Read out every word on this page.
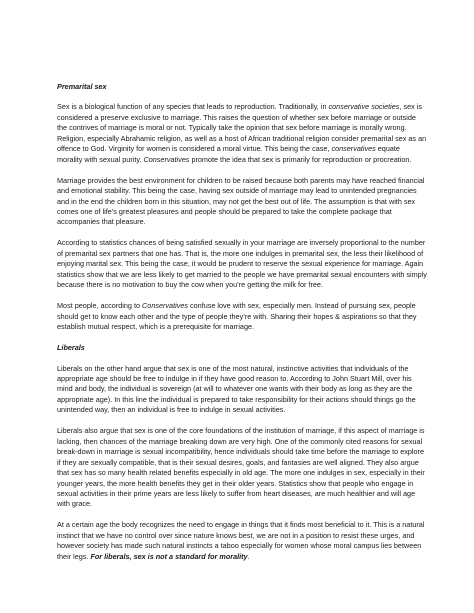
Premarital sex

Sex is a biological function of any species that leads to reproduction. Traditionally, in conservative societies, sex is considered a preserve exclusive to marriage. This raises the question of whether sex before marriage or outside the contrives of marriage is moral or not. Typically take the opinion that sex before marriage is morally wrong. Religion, especially Abrahamic religion, as well as a host of African traditional religion consider premarital sex as an offence to God. Virginity for women is considered a moral virtue. This being the case, conservatives equate morality with sexual purity. Conservatives promote the idea that sex is primarily for reproduction or procreation.

Marriage provides the best environment for children to be raised because both parents may have reached financial and emotional stability. This being the case, having sex outside of marriage may lead to unintended pregnancies and in the end the children born in this situation, may not get the best out of life. The assumption is that with sex comes one of life’s greatest pleasures and people should be prepared to take the complete package that accompanies that pleasure.

According to statistics chances of being satisfied sexually in your marriage are inversely proportional to the number of premarital sex partners that one has. That is, the more one indulges in premarital sex, the less their likelihood of enjoying marital sex. This being the case, it would be prudent to reserve the sexual experience for marriage. Again statistics show that we are less likely to get married to the people we have premarital sexual encounters with simply because there is no motivation to buy the cow when you’re getting the milk for free.

Most people, according to Conservatives confuse love with sex, especially men. Instead of pursuing sex, people should get to know each other and the type of people they’re with. Sharing their hopes & aspirations so that they establish mutual respect, which is a prerequisite for marriage.

Liberals

Liberals on the other hand argue that sex is one of the most natural, instinctive activities that individuals of the appropriate age should be free to indulge in if they have good reason to. According to John Stuart Mill, over his mind and body, the individual is sovereign (at will to whatever one wants with their body as long as they are the appropriate age). In this line the individual is prepared to take responsibility for their actions should things go the unintended way, then an individual is free to indulge in sexual activities.

Liberals also argue that sex is one of the core foundations of the institution of marriage, if this aspect of marriage is lacking, then chances of the marriage breaking down are very high. One of the commonly cited reasons for sexual break-down in marriage is sexual incompatibility, hence individuals should take time before the marriage to explore if they are sexually compatible, that is their sexual desires, goals, and fantasies are well aligned. They also argue that sex has so many health related benefits especially in old age. The more one indulges in sex, especially in their younger years, the more health benefits they get in their older years. Statistics show that people who engage in sexual activities in their prime years are less likely to suffer from heart diseases, are much healthier and will age with grace.

At a certain age the body recognizes the need to engage in things that it finds most beneficial to it. This is a natural instinct that we have no control over since nature knows best, we are not in a position to resist these urges, and however society has made such natural instincts a taboo especially for women whose moral campus lies between their legs. For liberals, sex is not a standard for morality.
